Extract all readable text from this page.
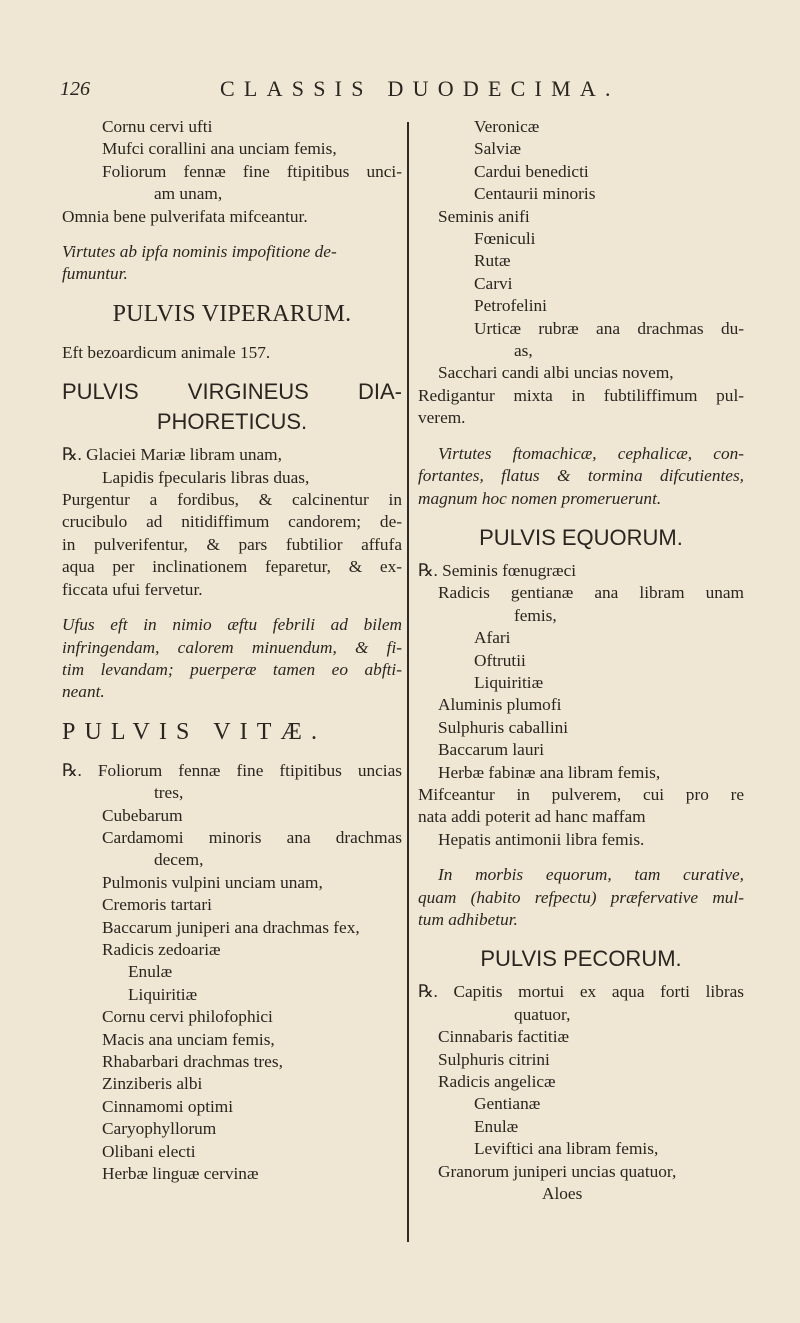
126	CLASSIS DUODECIMA.
Cornu cervi ufti
Mufci corallini ana unciam femis,
Foliorum fennæ fine ftipitibus unci-
am unam,
Omnia bene pulverifata mifceantur.
Virtutes ab ipfa nominis impofitione de-
fumuntur.
PULVIS VIPERARUM.
Eft bezoardicum animale 157.
PULVIS VIRGINEUS DIA-
PHORETICUS.
℞. Glaciei Mariæ libram unam,
Lapidis fpecularis libras duas,
Purgentur a fordibus, & calcinentur in
crucibulo ad nitidiffimum candorem; de-
in pulverifentur, & pars fubtilior affufa
aqua per inclinationem feparetur, & ex-
ficcata ufui fervetur.
Ufus eft in nimio æftu febrili ad bilem
infringendam, calorem minuendum, & fi-
tim levandam; puerperæ tamen eo abfti-
neant.
PULVIS VITÆ.
℞. Foliorum fennæ fine ftipitibus uncias
tres,
Cubebarum
Cardamomi minoris ana drachmas
decem,
Pulmonis vulpini unciam unam,
Cremoris tartari
Baccarum juniperi ana drachmas fex,
Radicis zedoariæ
Enulæ
Liquiritiæ
Cornu cervi philofophici
Macis ana unciam femis,
Rhabarbari drachmas tres,
Zinziberis albi
Cinnamomi optimi
Caryophyllorum
Olibani electi
Herbæ linguæ cervinæ
Veronicæ
Salviæ
Cardui benedicti
Centaurii minoris
Seminis anifi
Fœniculi
Rutæ
Carvi
Petrofelini
Urticæ rubræ ana drachmas du-
as,
Sacchari candi albi uncias novem,
Redigantur mixta in fubtiliffimum pul-
verem.
Virtutes ftomachicæ, cephalicæ, con-
fortantes, flatus & tormina difcutientes,
magnum hoc nomen promeruerunt.
PULVIS EQUORUM.
℞. Seminis fœnugræci
Radicis gentianæ ana libram unam
femis,
Afari
Oftrutii
Liquiritiæ
Aluminis plumofi
Sulphuris caballini
Baccarum lauri
Herbæ fabinæ ana libram femis,
Mifceantur in pulverem, cui pro re
nata addi poterit ad hanc maffam
Hepatis antimonii libra femis.
In morbis equorum, tam curative,
quam (habito refpectu) præfervative mul-
tum adhibetur.
PULVIS PECORUM.
℞. Capitis mortui ex aqua forti libras
quatuor,
Cinnabaris factitiæ
Sulphuris citrini
Radicis angelicæ
Gentianæ
Enulæ
Leviftici ana libram femis,
Granorum juniperi uncias quatuor,
Aloes
